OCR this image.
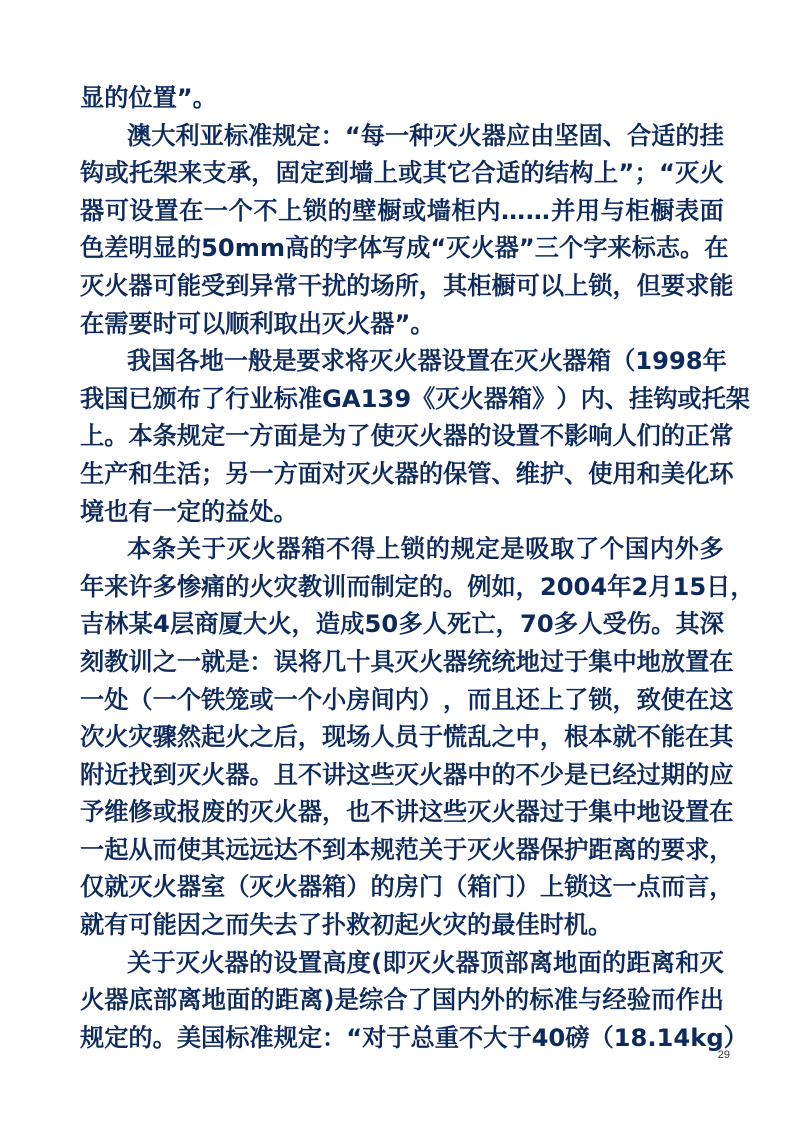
显的位置”。
澳 大 利 亚 标 准 规 定 ： “ 每 一 种 灭 火 器 应 由 坚 固 、 合 适 的 挂
钩 或 托 架 来 支 承 ， 固 定 到 墙 上 或 其 它 合 适 的 结 构 上 ” ； “ 灭 火
器 可 设 置 在 一 个 不 上 锁 的 壁 橱 或 墙 柜 内 … … 并 用 与 柜 橱 表 面
色 差 明 显 的 5 0 m m 高 的 字 体 写 成 “ 灭 火 器 ” 三 个 字 来 标 志 。 在
灭 火 器 可 能 受 到 异 常 干 扰 的 场 所 ， 其 柜 橱 可 以 上 锁 ， 但 要 求 能
在需要时可以顺利取出灭火器”。
我 国 各 地 一 般 是 要 求 将 灭 火 器 设 置 在 灭 火 器 箱 （ 1 9 9 8 年
我 国 已 颁 布 了 行 业 标 准 G A 1 3 9 《 灭 火 器 箱 》 ） 内 、 挂 钩 或 托 架
上 。 本 条 规 定 一 方 面 是 为 了 使 灭 火 器 的 设 置 不 影 响 人 们 的 正 常
生 产 和 生 活 ； 另 一 方 面 对 灭 火 器 的 保 管 、 维 护 、 使 用 和 美 化 环
境也有一定的益处。
本 条 关 于 灭 火 器 箱 不 得 上 锁 的 规 定 是 吸 取 了 个 国 内 外 多
年 来 许 多 惨 痛 的 火 灾 教 训 而 制 定 的 。 例 如 ， 2 0 0 4 年 2 月 1 5 日 ，
吉 林 某 4 层 商 厦 大 火 ， 造 成 5 0 多 人 死 亡 ， 7 0 多 人 受 伤 。 其 深
刻 教 训 之 一 就 是 ： 误 将 几 十 具 灭 火 器 统 统 地 过 于 集 中 地 放 置 在
一 处 （ 一 个 铁 笼 或 一 个 小 房 间 内 ） ， 而 且 还 上 了 锁 ， 致 使 在 这
次 火 灾 骤 然 起 火 之 后 ， 现 场 人 员 于 慌 乱 之 中 ， 根 本 就 不 能 在 其
附 近 找 到 灭 火 器 。 且 不 讲 这 些 灭 火 器 中 的 不 少 是 已 经 过 期 的 应
予 维 修 或 报 废 的 灭 火 器 ， 也 不 讲 这 些 灭 火 器 过 于 集 中 地 设 置 在
一 起 从 而 使 其 远 远 达 不 到 本 规 范 关 于 灭 火 器 保 护 距 离 的 要 求 ，
仅 就 灭 火 器 室 （ 灭 火 器 箱 ） 的 房 门 （ 箱 门 ） 上 锁 这 一 点 而 言 ，
就有可能因之而失去了扑救初起火灾的最佳时机。
关 于 灭 火 器 的 设 置 高 度 ( 即 灭 火 器 顶 部 离 地 面 的 距 离 和 灭
火 器 底 部 离 地 面 的 距 离 ) 是 综 合 了 国 内 外 的 标 准 与 经 验 而 作 出
规 定 的 。 美 国 标 准 规 定 ： “ 对 于 总 重 不 大 于 4 0 磅 （ 1 8 . 1 4 k g ）
29
